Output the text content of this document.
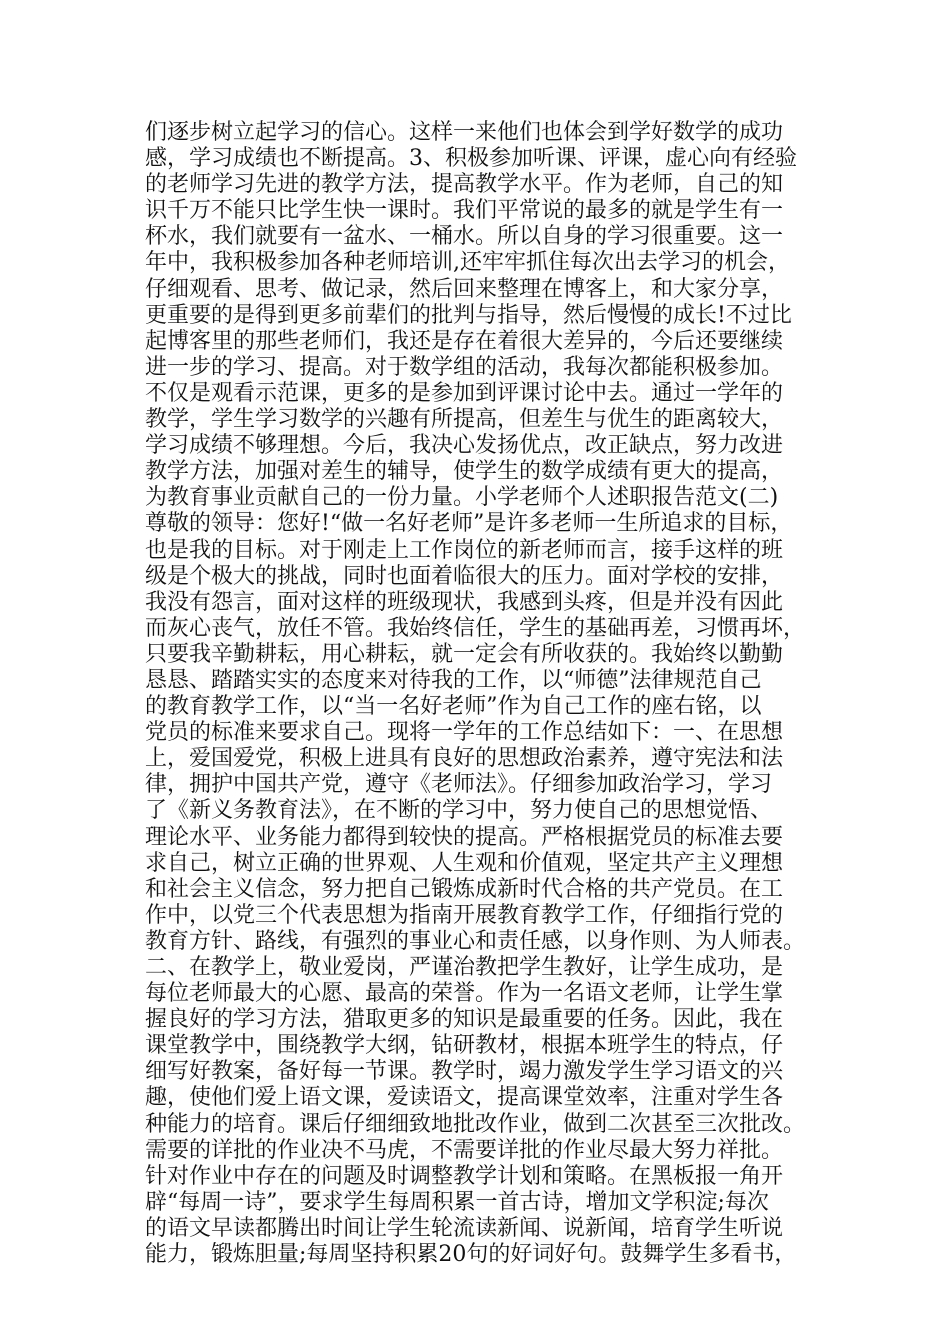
们逐步树立起学习的信心。这样一来他们也体会到学好数学的成功
感，学习成绩也不断提高。3、积极参加听课、评课，虚心向有经验
的老师学习先进的教学方法，提高教学水平。作为老师，自己的知
识千万不能只比学生快一课时。我们平常说的最多的就是学生有一
杯水，我们就要有一盆水、一桶水。所以自身的学习很重要。这一
年中，我积极参加各种老师培训,还牢牢抓住每次出去学习的机会，
仔细观看、思考、做记录，然后回来整理在博客上，和大家分享，
更重要的是得到更多前辈们的批判与指导，然后慢慢的成长!不过比
起博客里的那些老师们，我还是存在着很大差异的，今后还要继续
进一步的学习、提高。对于数学组的活动，我每次都能积极参加。
不仅是观看示范课，更多的是参加到评课讨论中去。通过一学年的
教学，学生学习数学的兴趣有所提高，但差生与优生的距离较大，
学习成绩不够理想。今后，我决心发扬优点，改正缺点，努力改进
教学方法，加强对差生的辅导，使学生的数学成绩有更大的提高，
为教育事业贡献自己的一份力量。小学老师个人述职报告范文(二)
尊敬的领导：您好!“做一名好老师”是许多老师一生所追求的目标，
也是我的目标。对于刚走上工作岗位的新老师而言，接手这样的班
级是个极大的挑战，同时也面着临很大的压力。面对学校的安排，
我没有怨言，面对这样的班级现状，我感到头疼，但是并没有因此
而灰心丧气，放任不管。我始终信任，学生的基础再差，习惯再坏，
只要我辛勤耕耘，用心耕耘，就一定会有所收获的。我始终以勤勤
恳恳、踏踏实实的态度来对待我的工作，以“师德”法律规范自己
的教育教学工作，以“当一名好老师”作为自己工作的座右铭，以
党员的标准来要求自己。现将一学年的工作总结如下：一、在思想
上，爱国爱党，积极上进具有良好的思想政治素养，遵守宪法和法
律，拥护中国共产党，遵守《老师法》。仔细参加政治学习，学习
了《新义务教育法》，在不断的学习中，努力使自己的思想觉悟、
理论水平、业务能力都得到较快的提高。严格根据党员的标准去要
求自己，树立正确的世界观、人生观和价值观，坚定共产主义理想
和社会主义信念，努力把自己锻炼成新时代合格的共产党员。在工
作中，以党三个代表思想为指南开展教育教学工作，仔细指行党的
教育方针、路线，有强烈的事业心和责任感，以身作则、为人师表。
二、在教学上，敬业爱岗，严谨治教把学生教好，让学生成功，是
每位老师最大的心愿、最高的荣誉。作为一名语文老师，让学生掌
握良好的学习方法，猎取更多的知识是最重要的任务。因此，我在
课堂教学中，围绕教学大纲，钻研教材，根据本班学生的特点，仔
细写好教案，备好每一节课。教学时，竭力激发学生学习语文的兴
趣，使他们爱上语文课，爱读语文，提高课堂效率，注重对学生各
种能力的培育。课后仔细细致地批改作业，做到二次甚至三次批改。
需要的详批的作业决不马虎，不需要详批的作业尽最大努力祥批。
针对作业中存在的问题及时调整教学计划和策略。在黑板报一角开
辟“每周一诗”，要求学生每周积累一首古诗，增加文学积淀;每次
的语文早读都腾出时间让学生轮流读新闻、说新闻，培育学生听说
能力，锻炼胆量;每周坚持积累20句的好词好句。鼓舞学生多看书，
